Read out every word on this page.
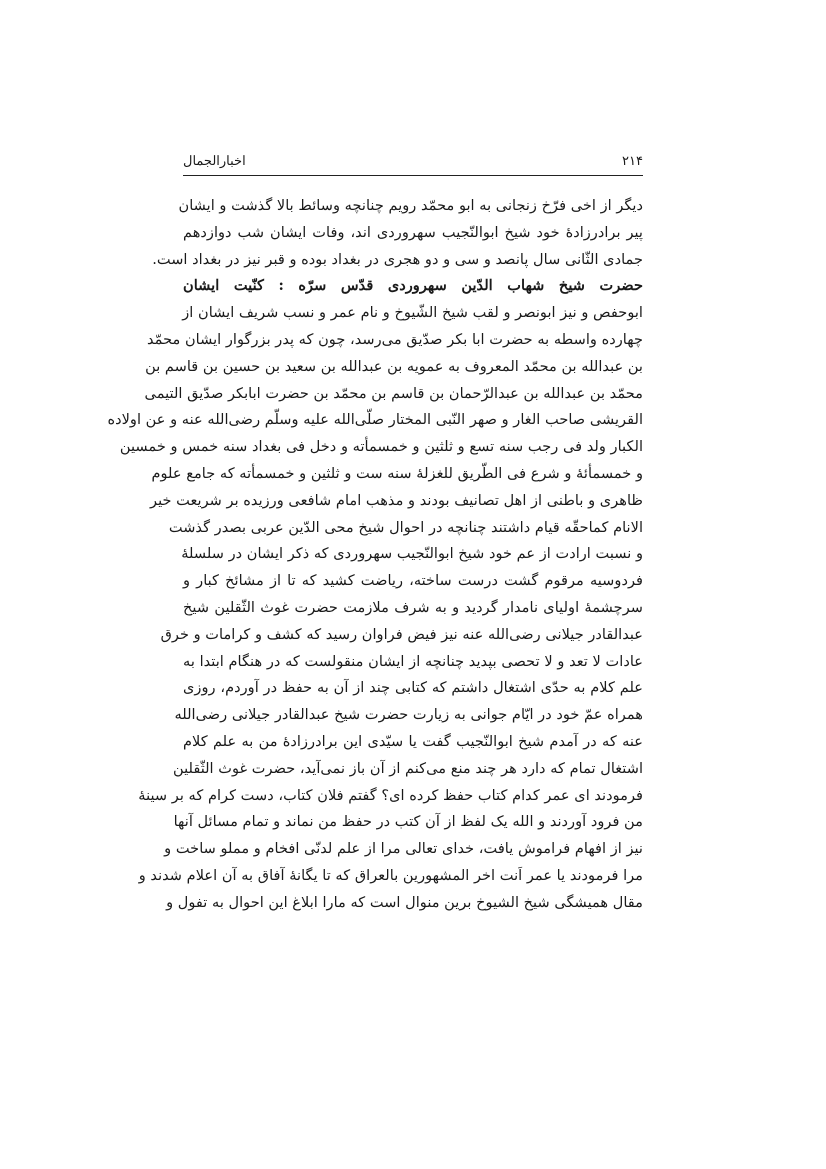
۲۱۴
اخبارالجمال

دیگر از اخی فرّخ زنجانی به ابو محمّد رویم چنانچه وسائط بالا گذشت و ایشان
پیر برادرزادهٔ خود شیخ ابوالنّجیب سهروردی اند، وفات ایشان شب دوازدهم
جمادی الثّانی سال پانصد و سی و دو هجری در بغداد بوده و قبر نیز در بغداد است.

حضرت شیخ شهاب الدّین سهروردی قدّس سرّه : کنّیت ایشان
ابوحفص و نیز ابونصر و لقب شیخ الشّیوخ و نام عمر و نسب شریف ایشان از
چهارده واسطه به حضرت ابا بکر صدّیق می‌رسد، چون که پدر بزرگوار ایشان محمّد
بن عبدالله بن محمّد المعروف به عمویه بن عبدالله بن سعید بن حسین بن قاسم بن
محمّد بن عبدالله بن عبدالرّحمان بن قاسم بن محمّد بن حضرت ابابکر صدّیق التیمی
القریشی صاحب الغار و صهر النّبی المختار صلّی‌الله علیه وسلّم رضی‌الله عنه و عن اولاده
الکبار ولد فی رجب سنه تسع و ثلثین و خمسمأته و دخل فی بغداد سنه خمس و خمسین
و خمسمأئهٔ و شرع فی الطّریق للغزلهٔ سنه ست و ثلثین و خمسمأته که جامع علوم
ظاهری و باطنی از اهل تصانیف بودند و مذهب امام شافعی ورزیده بر شریعت خیر
الانام کماحقّه قیام داشتند چنانچه در احوال شیخ محی الدّین عربی بصدر گذشت
و نسبت ارادت از عم خود شیخ ابوالنّجیب سهروردی که ذکر ایشان در سلسلهٔ
فردوسیه مرقوم گشت درست ساخته، ریاضت کشید که تا از مشائخ کبار و
سرچشمهٔ اولیای نامدار گردید و به شرف ملازمت حضرت غوث الثّقلین شیخ
عبدالقادر جیلانی رضی‌الله عنه نیز فیض فراوان رسید که کشف و کرامات و خرق
عادات لا تعد و لا تحصی بپدید چنانچه از ایشان منقولست که در هنگام ابتدا به
علم کلام به حدّی اشتغال داشتم که کتابی چند از آن به حفظ در آوردم، روزی
همراه عمّ خود در ایّام جوانی به زیارت حضرت شیخ عبدالقادر جیلانی رضی‌الله
عنه که در آمدم شیخ ابوالنّجیب گفت یا سیّدی این برادرزادهٔ من به علم کلام
اشتغال تمام که دارد هر چند منع می‌کنم از آن باز نمی‌آید، حضرت غوث الثّقلین
فرمودند ای عمر کدام کتاب حفظ کرده ای؟ گفتم فلان کتاب، دست کرام که بر سینهٔ
من فرود آوردند و الله یک لفظ از آن کتب در حفظ من نماند و تمام مسائل آنها
نیز از افهام فراموش یافت، خدای تعالی مرا از علم لدنّی افخام و مملو ساخت و
مرا فرمودند یا عمر اَنت اخر المشهورین بالعراق که تا یگانهٔ آفاق به آن اعلام شدند و
مقال همیشگی شیخ الشیوخ برین منوال است که مارا ابلاغ این احوال به تفول و
